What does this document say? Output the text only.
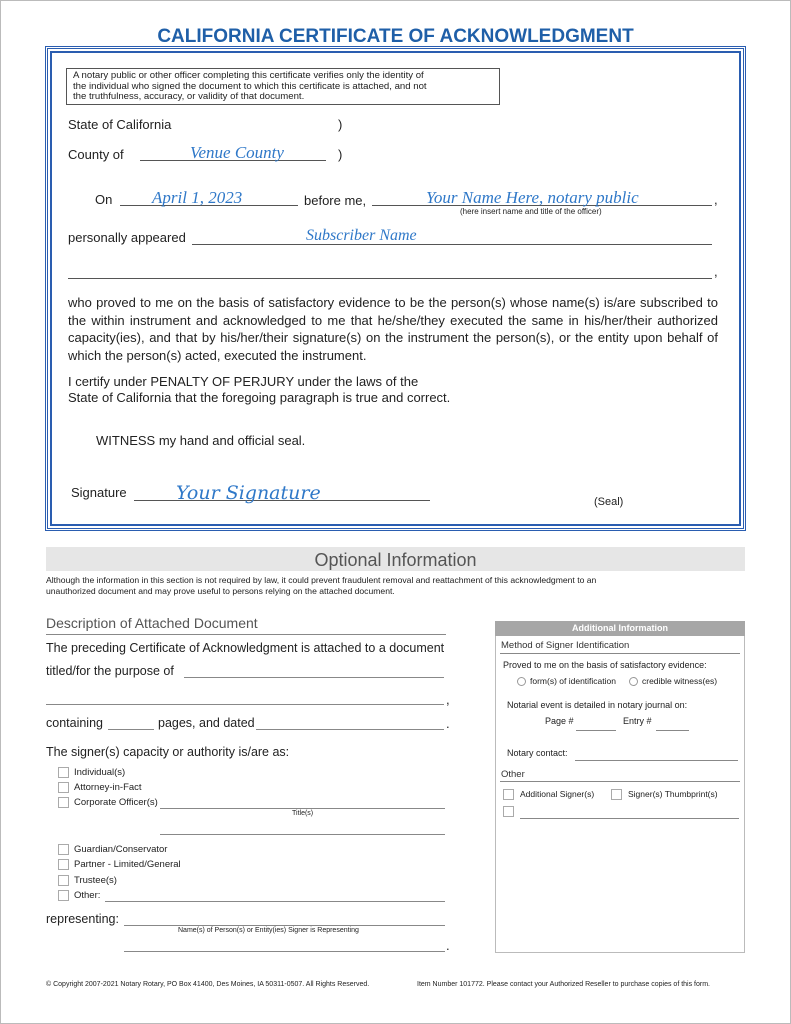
CALIFORNIA CERTIFICATE OF ACKNOWLEDGMENT
A notary public or other officer completing this certificate verifies only the identity of
the individual who signed the document to which this certificate is attached, and not
the truthfulness, accuracy, or validity of that document.
State of California	)
County of	Venue County	)
On April 1, 2023	before me,	Your Name Here, notary public	,
(here insert name and title of the officer)
personally appeared	Subscriber Name
,
who proved to me on the basis of satisfactory evidence to be the person(s) whose name(s) is/are subscribed to the within instrument and acknowledged to me that he/she/they executed the same in his/her/their authorized capacity(ies), and that by his/her/their signature(s) on the instrument the person(s), or the entity upon behalf of which the person(s) acted, executed the instrument.
I certify under PENALTY OF PERJURY under the laws of the
State of California that the foregoing paragraph is true and correct.
WITNESS my hand and official seal.
Signature	Your Signature	(Seal)
Optional Information
Although the information in this section is not required by law, it could prevent fraudulent removal and reattachment of this acknowledgment to an
unauthorized document and may prove useful to persons relying on the attached document.
Description of Attached Document
The preceding Certificate of Acknowledgment is attached to a document
titled/for the purpose of
,
containing	pages, and dated	.
The signer(s) capacity or authority is/are as:
Individual(s)
Attorney-in-Fact
Corporate Officer(s)
Title(s)
Guardian/Conservator
Partner - Limited/General
Trustee(s)
Other:
representing:
Name(s) of Person(s) or Entity(ies) Signer is Representing
.
Additional Information
Method of Signer Identification
Proved to me on the basis of satisfactory evidence:
form(s) of identification	credible witness(es)
Notarial event is detailed in notary journal on:
Page #	Entry #
Notary contact:
Other
Additional Signer(s)	Signer(s) Thumbprint(s)
© Copyright 2007-2021 Notary Rotary, PO Box 41400, Des Moines, IA 50311-0507. All Rights Reserved.	Item Number 101772. Please contact your Authorized Reseller to purchase copies of this form.
